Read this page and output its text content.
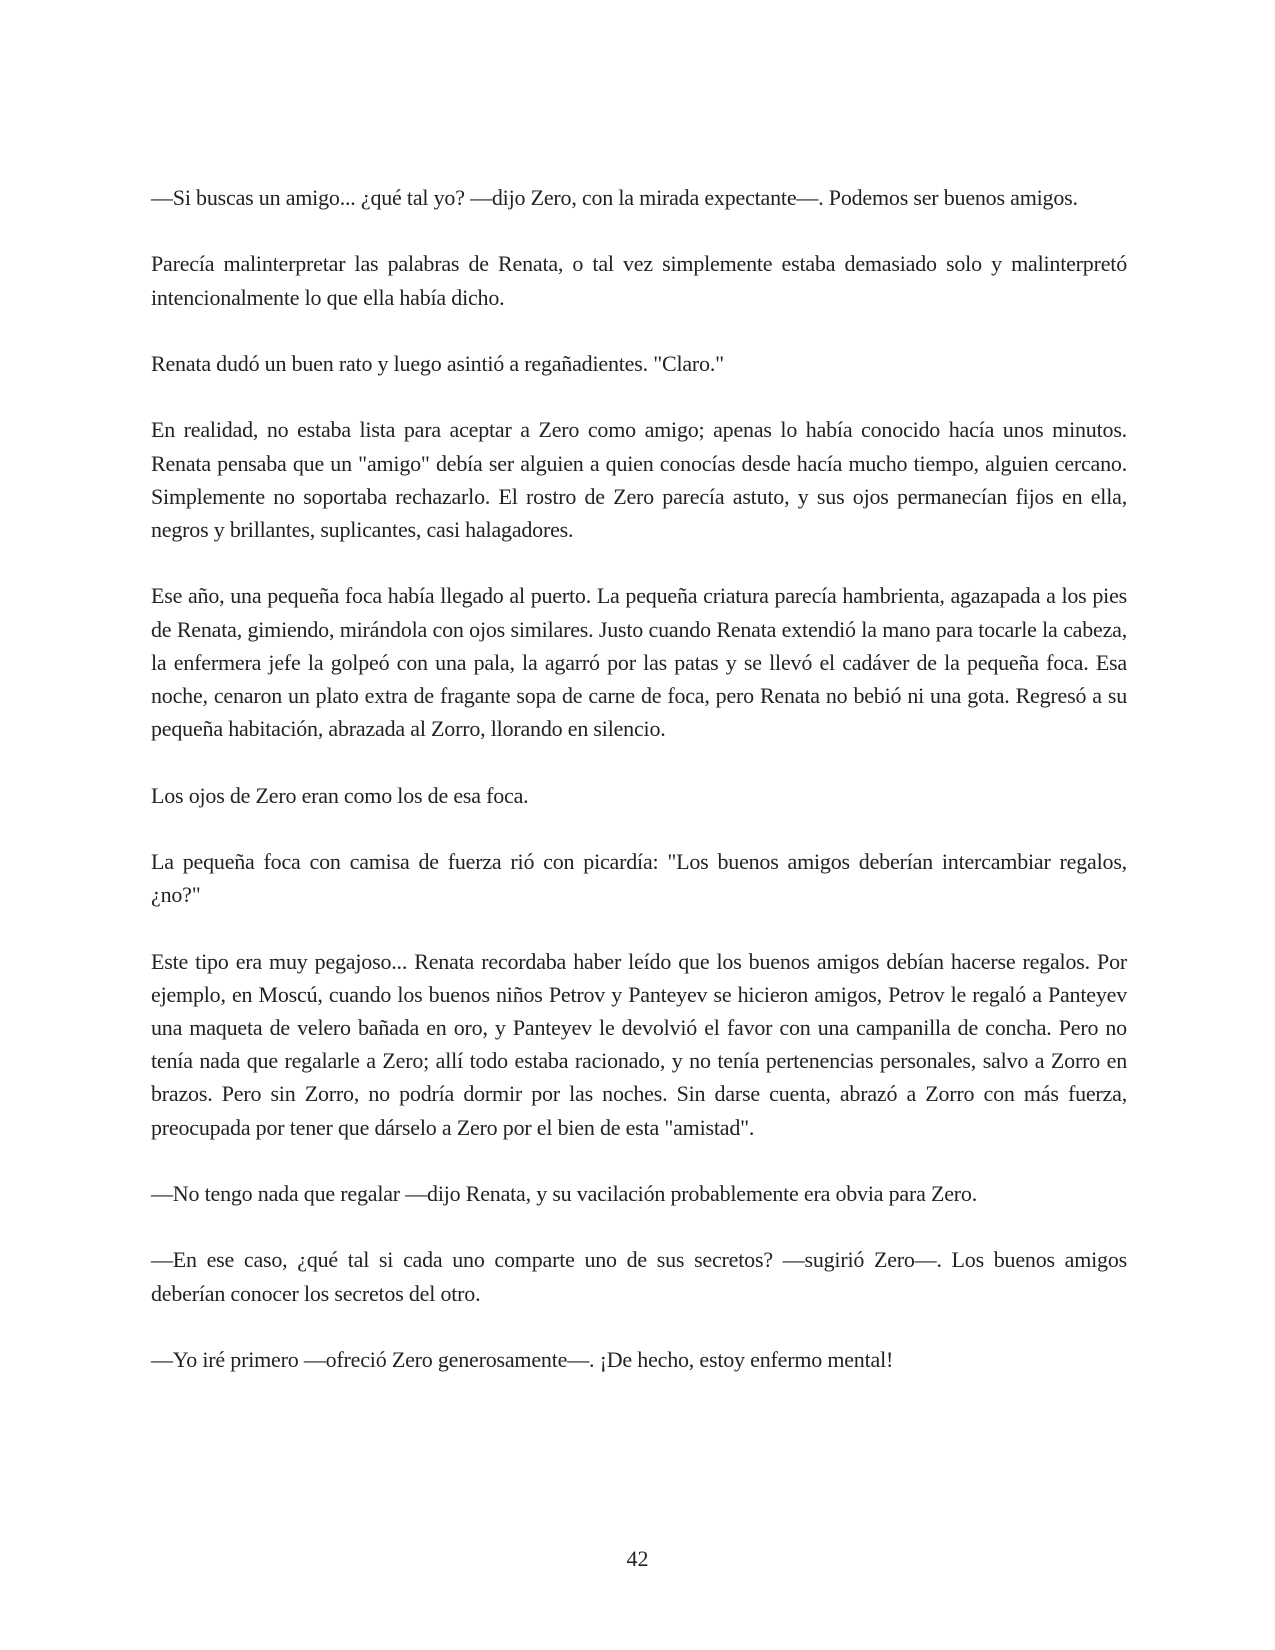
—Si buscas un amigo... ¿qué tal yo? —dijo Zero, con la mirada expectante—. Podemos ser buenos amigos.

Parecía malinterpretar las palabras de Renata, o tal vez simplemente estaba demasiado solo y malinterpretó intencionalmente lo que ella había dicho.

Renata dudó un buen rato y luego asintió a regañadientes. "Claro."

En realidad, no estaba lista para aceptar a Zero como amigo; apenas lo había conocido hacía unos minutos. Renata pensaba que un "amigo" debía ser alguien a quien conocías desde hacía mucho tiempo, alguien cercano. Simplemente no soportaba rechazarlo. El rostro de Zero parecía astuto, y sus ojos permanecían fijos en ella, negros y brillantes, suplicantes, casi halagadores.

Ese año, una pequeña foca había llegado al puerto. La pequeña criatura parecía hambrienta, agazapada a los pies de Renata, gimiendo, mirándola con ojos similares. Justo cuando Renata extendió la mano para tocarle la cabeza, la enfermera jefe la golpeó con una pala, la agarró por las patas y se llevó el cadáver de la pequeña foca. Esa noche, cenaron un plato extra de fragante sopa de carne de foca, pero Renata no bebió ni una gota. Regresó a su pequeña habitación, abrazada al Zorro, llorando en silencio.

Los ojos de Zero eran como los de esa foca.

La pequeña foca con camisa de fuerza rió con picardía: "Los buenos amigos deberían intercambiar regalos, ¿no?"

Este tipo era muy pegajoso... Renata recordaba haber leído que los buenos amigos debían hacerse regalos. Por ejemplo, en Moscú, cuando los buenos niños Petrov y Panteyev se hicieron amigos, Petrov le regaló a Panteyev una maqueta de velero bañada en oro, y Panteyev le devolvió el favor con una campanilla de concha. Pero no tenía nada que regalarle a Zero; allí todo estaba racionado, y no tenía pertenencias personales, salvo a Zorro en brazos. Pero sin Zorro, no podría dormir por las noches. Sin darse cuenta, abrazó a Zorro con más fuerza, preocupada por tener que dárselo a Zero por el bien de esta "amistad".

—No tengo nada que regalar —dijo Renata, y su vacilación probablemente era obvia para Zero.

—En ese caso, ¿qué tal si cada uno comparte uno de sus secretos? —sugirió Zero—. Los buenos amigos deberían conocer los secretos del otro.

—Yo iré primero —ofreció Zero generosamente—. ¡De hecho, estoy enfermo mental!

42
